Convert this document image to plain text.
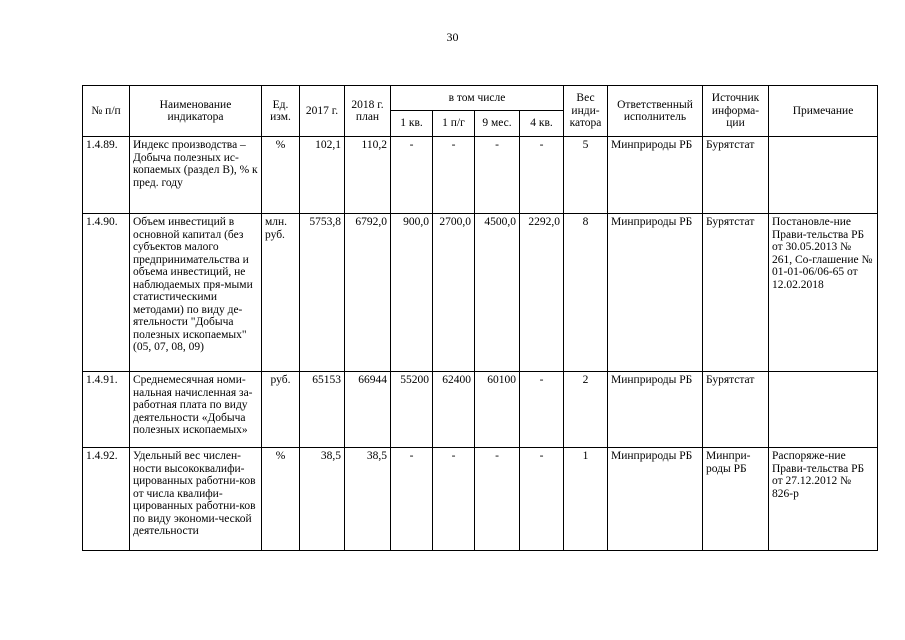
30
№ п/п	Наименование индикатора	Ед. изм.	2017 г.	2018 г. план	в том числе				Вес инди-катора	Ответственный исполнитель	Источник информа-ции	Примечание
					1 кв.	1 п/г	9 мес.	4 кв.				
1.4.89.	Индекс производства – Добыча полезных ис-копаемых (раздел В), % к пред. году	%	102,1	110,2	-	-	-	-	5	Минприроды РБ	Бурятстат	
1.4.90.	Объем инвестиций в основной капитал (без субъектов малого предпринимательства и объема инвестиций, не наблюдаемых пря-мыми статистическими методами) по виду де-ятельности "Добыча полезных ископаемых" (05, 07, 08, 09)	млн. руб.	5753,8	6792,0	900,0	2700,0	4500,0	2292,0	8	Минприроды РБ	Бурятстат	Постановле-ние Прави-тельства РБ от 30.05.2013 № 261, Со-глашение № 01-01-06/06-65 от 12.02.2018
1.4.91.	Среднемесячная номи-нальная начисленная за-работная плата по виду деятельности «Добыча полезных ископаемых»	руб.	65153	66944	55200	62400	60100	-	2	Минприроды РБ	Бурятстат	
1.4.92.	Удельный вес числен-ности высококвалифи-цированных работни-ков от числа квалифи-цированных работни-ков по виду экономи-ческой деятельности	%	38,5	38,5	-	-	-	-	1	Минприроды РБ	Минпри-роды РБ	Распоряже-ние Прави-тельства РБ от 27.12.2012 № 826-р
